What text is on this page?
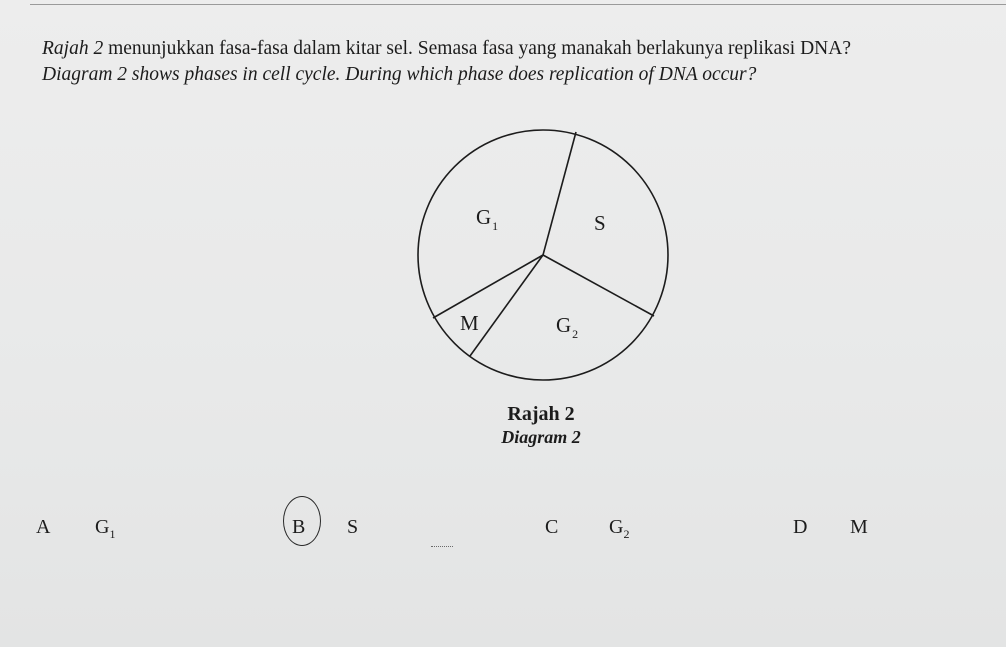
Rajah 2 menunjukkan fasa-fasa dalam kitar sel. Semasa fasa yang manakah berlakunya replikasi DNA?
Diagram 2 shows phases in cell cycle. During which phase does replication of DNA occur?
$G_1$	S
M	$G_2$
Rajah 2
Diagram 2
A $G_1$	B S	C	$G_2$	D M
